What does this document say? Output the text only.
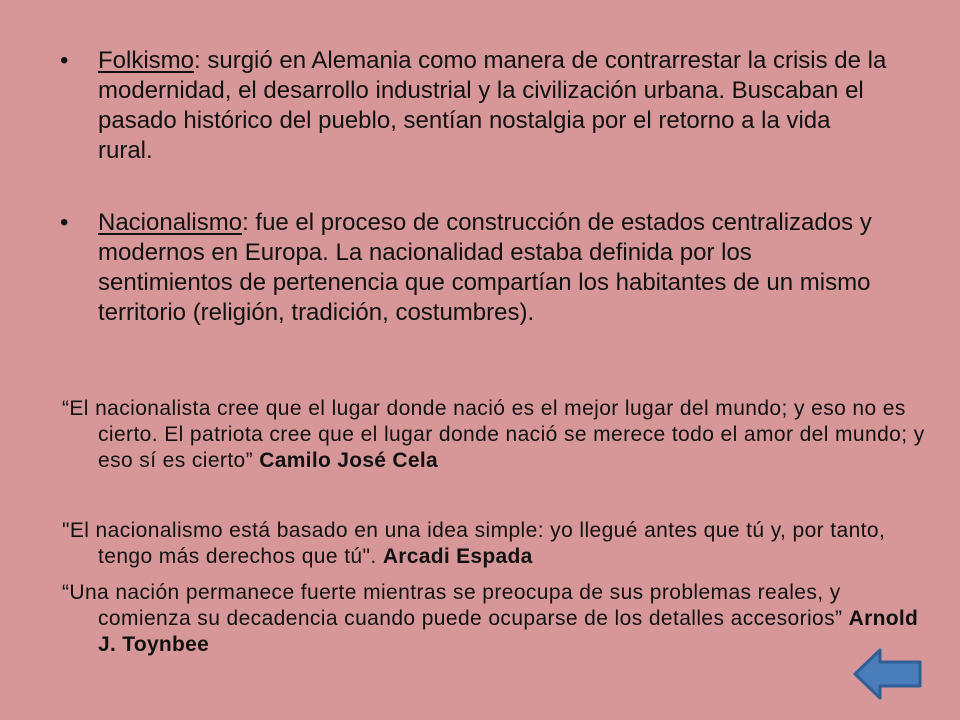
•	Folkismo: surgió en Alemania como manera de contrarrestar la crisis de la modernidad, el desarrollo industrial y la civilización urbana. Buscaban el pasado histórico del pueblo, sentían nostalgia por el retorno a la vida rural.
•	Nacionalismo: fue el proceso de construcción de estados centralizados y modernos en Europa. La nacionalidad estaba definida por los sentimientos de pertenencia que compartían los habitantes de un mismo territorio (religión, tradición, costumbres).
“El nacionalista cree que el lugar donde nació es el mejor lugar del mundo; y eso no es cierto. El patriota cree que el lugar donde nació se merece todo el amor del mundo; y eso sí es cierto” Camilo José Cela
"El nacionalismo está basado en una idea simple: yo llegué antes que tú y, por tanto, tengo más derechos que tú". Arcadi Espada
“Una nación permanece fuerte mientras se preocupa de sus problemas reales, y comienza su decadencia cuando puede ocuparse de los detalles accesorios” Arnold J. Toynbee
